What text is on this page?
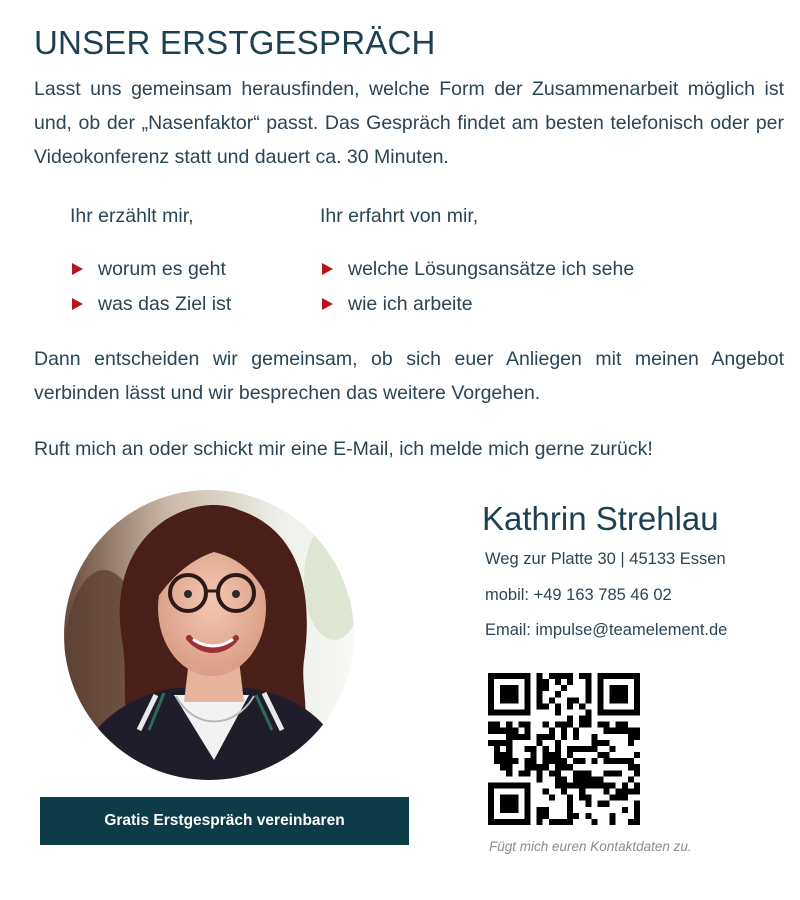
UNSER ERSTGESPRÄCH

Lasst uns gemeinsam herausfinden, welche Form der Zusammenarbeit möglich ist und, ob der „Nasenfaktor“ passt. Das Gespräch findet am besten telefonisch oder per Videokonferenz statt und dauert ca. 30 Minuten.

Ihr erzählt mir,

worum es geht
was das Ziel ist

Ihr erfahrt von mir,

welche Lösungsansätze ich sehe
wie ich arbeite

Dann entscheiden wir gemeinsam, ob sich euer Anliegen mit meinen Angebot verbinden lässt und wir besprechen das weitere Vorgehen.

Ruft mich an oder schickt mir eine E-Mail, ich melde mich gerne zurück!

Gratis Erstgespräch vereinbaren
Kathrin Strehlau

Weg zur Platte 30 | 45133 Essen

mobil: +49 163 785 46 02

Email: impulse@teamelement.de

Fügt mich euren Kontaktdaten zu.
